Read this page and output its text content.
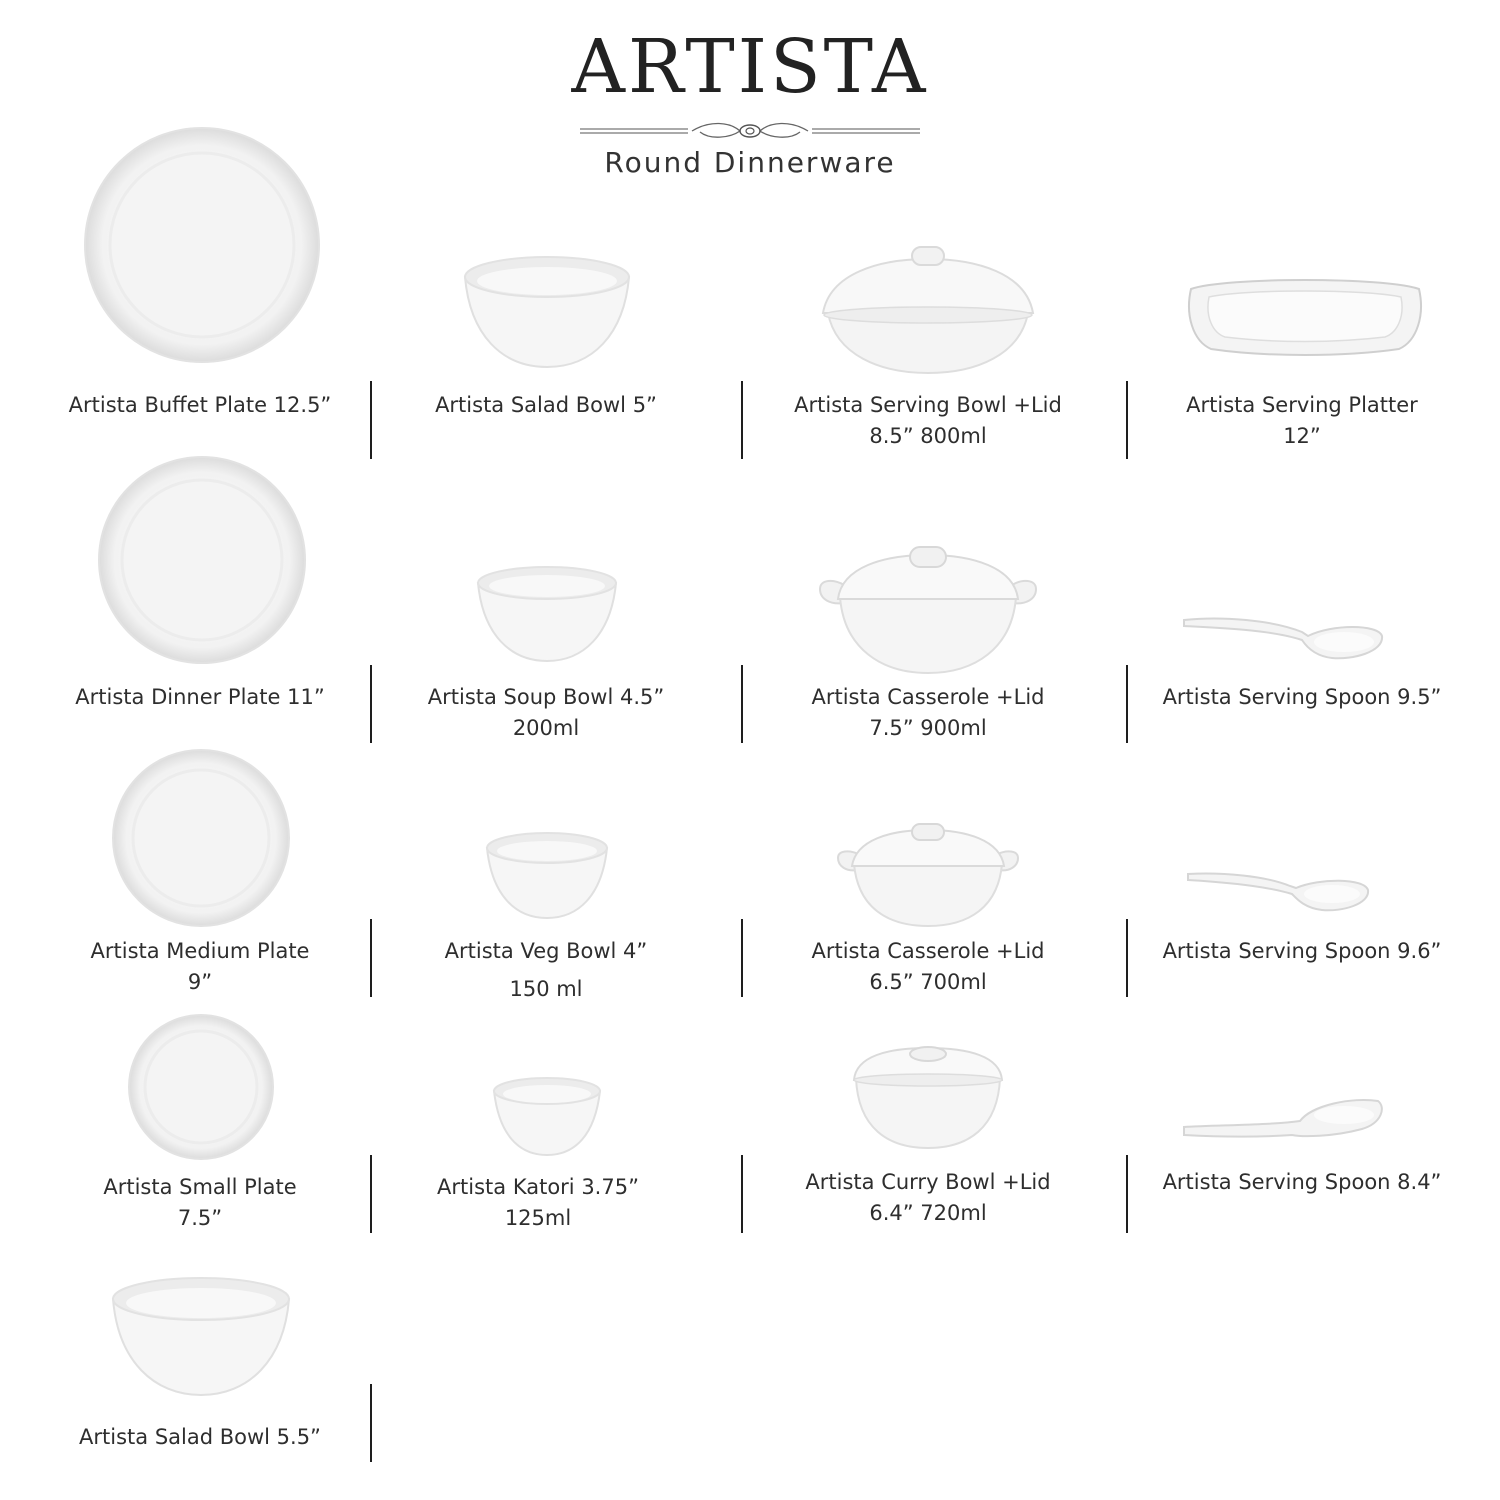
ARTISTA
Round Dinnerware
Artista Buffet Plate 12.5”	Artista Salad Bowl 5”	Artista Serving Bowl +Lid
8.5” 800ml
Artista Serving Platter
12”
Artista Dinner Plate 11”	Artista Soup Bowl 4.5”
200ml
Artista Casserole +Lid
7.5” 900ml
Artista Serving Spoon 9.5”
Artista Medium Plate
9”
Artista Veg Bowl 4”
150 ml
Artista Casserole +Lid
6.5” 700ml
Artista Serving Spoon 9.6”
Artista Small Plate
7.5”
Artista Katori 3.75”
125ml
Artista Curry Bowl +Lid
6.4” 720ml
Artista Serving Spoon 8.4”
Artista Salad Bowl 5.5”
